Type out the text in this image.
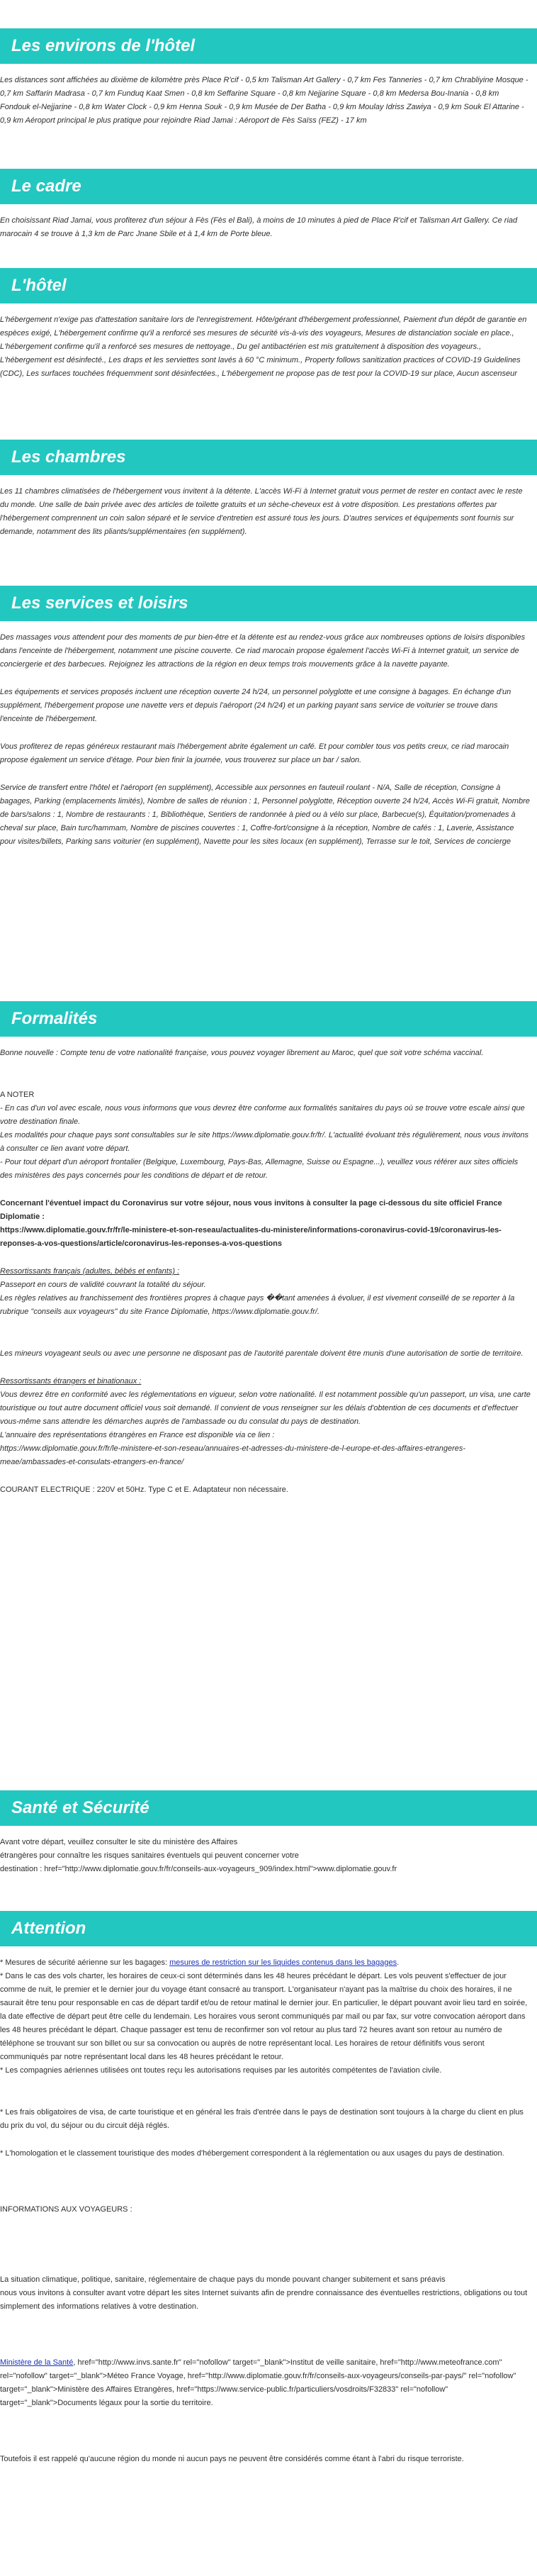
Les environs de l'hôtel

Les distances sont affichées au dixième de kilomètre près Place R'cif - 0,5 km Talisman Art Gallery - 0,7 km Fes Tanneries - 0,7 km Chrabliyine Mosque - 0,7 km Saffarin Madrasa - 0,7 km Funduq Kaat Smen - 0,8 km Seffarine Square - 0,8 km Nejjarine Square - 0,8 km Medersa Bou-Inania - 0,8 km Fondouk el-Nejjarine - 0,8 km Water Clock - 0,9 km Henna Souk - 0,9 km Musée de Der Batha - 0,9 km Moulay Idriss Zawiya - 0,9 km Souk El Attarine - 0,9 km Aéroport principal le plus pratique pour rejoindre Riad Jamai : Aéroport de Fès Saïss (FEZ) - 17 km

Le cadre

En choisissant Riad Jamai, vous profiterez d'un séjour à Fès (Fès el Bali), à moins de 10 minutes à pied de Place R'cif et Talisman Art Gallery. Ce riad marocain 4 se trouve à 1,3 km de Parc Jnane Sbile et à 1,4 km de Porte bleue.

L'hôtel

L'hébergement n'exige pas d'attestation sanitaire lors de l'enregistrement. Hôte/gérant d'hébergement professionnel, Paiement d'un dépôt de garantie en espèces exigé, L'hébergement confirme qu'il a renforcé ses mesures de sécurité vis-à-vis des voyageurs, Mesures de distanciation sociale en place., L'hébergement confirme qu'il a renforcé ses mesures de nettoyage., Du gel antibactérien est mis gratuitement à disposition des voyageurs., L'hébergement est désinfecté., Les draps et les serviettes sont lavés à 60 °C minimum., Property follows sanitization practices of COVID-19 Guidelines (CDC), Les surfaces touchées fréquemment sont désinfectées., L'hébergement ne propose pas de test pour la COVID-19 sur place, Aucun ascenseur

Les chambres

Les 11 chambres climatisées de l'hébergement vous invitent à la détente. L'accès Wi-Fi à Internet gratuit vous permet de rester en contact avec le reste du monde. Une salle de bain privée avec des articles de toilette gratuits et un sèche-cheveux est à votre disposition. Les prestations offertes par l'hébergement comprennent un coin salon séparé et le service d'entretien est assuré tous les jours. D'autres services et équipements sont fournis sur demande, notamment des lits pliants/supplémentaires (en supplément).

Les services et loisirs

Des massages vous attendent pour des moments de pur bien-être et la détente est au rendez-vous grâce aux nombreuses options de loisirs disponibles dans l'enceinte de l'hébergement, notamment une piscine couverte. Ce riad marocain propose également l'accès Wi-Fi à Internet gratuit, un service de conciergerie et des barbecues. Rejoignez les attractions de la région en deux temps trois mouvements grâce à la navette payante.

Les équipements et services proposés incluent une réception ouverte 24 h/24, un personnel polyglotte et une consigne à bagages. En échange d'un supplément, l'hébergement propose une navette vers et depuis l'aéroport (24 h/24) et un parking payant sans service de voiturier se trouve dans l'enceinte de l'hébergement.

Vous profiterez de repas généreux restaurant mais l'hébergement abrite également un café. Et pour combler tous vos petits creux, ce riad marocain propose également un service d'étage. Pour bien finir la journée, vous trouverez sur place un bar / salon.

Service de transfert entre l'hôtel et l'aéroport (en supplément), Accessible aux personnes en fauteuil roulant - N/A, Salle de réception, Consigne à bagages, Parking (emplacements limités), Nombre de salles de réunion : 1, Personnel polyglotte, Réception ouverte 24 h/24, Accès Wi-Fi gratuit, Nombre de bars/salons : 1, Nombre de restaurants : 1, Bibliothèque, Sentiers de randonnée à pied ou à vélo sur place, Barbecue(s), Équitation/promenades à cheval sur place, Bain turc/hammam, Nombre de piscines couvertes : 1, Coffre-fort/consigne à la réception, Nombre de cafés : 1, Laverie, Assistance pour visites/billets, Parking sans voiturier (en supplément), Navette pour les sites locaux (en supplément), Terrasse sur le toit, Services de concierge

Formalités

Bonne nouvelle : Compte tenu de votre nationalité française, vous pouvez voyager librement au Maroc, quel que soit votre schéma vaccinal.

A NOTER

- En cas d'un vol avec escale, nous vous informons que vous devrez être conforme aux formalités sanitaires du pays où se trouve votre escale ainsi que votre destination finale.

Les modalités pour chaque pays sont consultables sur le site https://www.diplomatie.gouv.fr/fr/. L'actualité évoluant très régulièrement, nous vous invitons à consulter ce lien avant votre départ.

- Pour tout départ d'un aéroport frontalier (Belgique, Luxembourg, Pays-Bas, Allemagne, Suisse ou Espagne...), veuillez vous référer aux sites officiels des ministères des pays concernés pour les conditions de départ et de retour.

Concernant l'éventuel impact du Coronavirus sur votre séjour, nous vous invitons à consulter la page ci-dessous du site officiel France Diplomatie :

https://www.diplomatie.gouv.fr/fr/le-ministere-et-son-reseau/actualites-du-ministere/informations-coronavirus-covid-19/coronavirus-les-reponses-a-vos-questions/article/coronavirus-les-reponses-a-vos-questions

Ressortissants français (adultes, bébés et enfants) :

Passeport en cours de validité couvrant la totalité du séjour.

Les règles relatives au franchissement des frontières propres à chaque pays ��tant amenées à évoluer, il est vivement conseillé de se reporter à la rubrique "conseils aux voyageurs" du site France Diplomatie, https://www.diplomatie.gouv.fr/.

Les mineurs voyageant seuls ou avec une personne ne disposant pas de l'autorité parentale doivent être munis d'une autorisation de sortie de territoire.

Ressortissants étrangers et binationaux :

Vous devrez être en conformité avec les réglementations en vigueur, selon votre nationalité. Il est notamment possible qu'un passeport, un visa, une carte touristique ou tout autre document officiel vous soit demandé. Il convient de vous renseigner sur les délais d'obtention de ces documents et d'effectuer vous-même sans attendre les démarches auprès de l'ambassade ou du consulat du pays de destination.

L'annuaire des représentations étrangères en France est disponible via ce lien :

https://www.diplomatie.gouv.fr/fr/le-ministere-et-son-reseau/annuaires-et-adresses-du-ministere-de-l-europe-et-des-affaires-etrangeres-meae/ambassades-et-consulats-etrangers-en-france/

COURANT ELECTRIQUE : 220V et 50Hz. Type C et E. Adaptateur non nécessaire.

Santé et Sécurité

Avant votre départ, veuillez consulter le site du ministère des Affaires
étrangères pour connaître les risques sanitaires éventuels qui peuvent concerner votre
destination : href="http://www.diplomatie.gouv.fr/fr/conseils-aux-voyageurs_909/index.html">www.diplomatie.gouv.fr

Attention

* Mesures de sécurité aérienne sur les bagages: mesures de restriction sur les liquides contenus dans les bagages.

* Dans le cas des vols charter, les horaires de ceux-ci sont déterminés dans les 48 heures précédant le départ. Les vols peuvent s'effectuer de jour comme de nuit, le premier et le dernier jour du voyage étant consacré au transport. L'organisateur n'ayant pas la maîtrise du choix des horaires, il ne saurait être tenu pour responsable en cas de départ tardif et/ou de retour matinal le dernier jour. En particulier, le départ pouvant avoir lieu tard en soirée, la date effective de départ peut être celle du lendemain. Les horaires vous seront communiqués par mail ou par fax, sur votre convocation aéroport dans les 48 heures précédant le départ. Chaque passager est tenu de reconfirmer son vol retour au plus tard 72 heures avant son retour au numéro de téléphone se trouvant sur son billet ou sur sa convocation ou auprès de notre représentant local. Les horaires de retour définitifs vous seront communiqués par notre représentant local dans les 48 heures précédant le retour.

* Les compagnies aériennes utilisées ont toutes reçu les autorisations requises par les autorités compétentes de l'aviation civile.

* Les frais obligatoires de visa, de carte touristique et en général les frais d'entrée dans le pays de destination sont toujours à la charge du client en plus du prix du vol, du séjour ou du circuit déjà réglés.

* L'homologation et le classement touristique des modes d'hébergement correspondent à la réglementation ou aux usages du pays de destination.

INFORMATIONS AUX VOYAGEURS :

La situation climatique, politique, sanitaire, réglementaire de chaque pays du monde pouvant changer subitement et sans préavis
nous vous invitons à consulter avant votre départ les sites Internet suivants afin de prendre connaissance des éventuelles restrictions, obligations ou tout simplement des informations relatives à votre destination.

Ministère de la Santé, href="http://www.invs.sante.fr" rel="nofollow" target="_blank">Institut de veille sanitaire, href="http://www.meteofrance.com" rel="nofollow" target="_blank">Méteo France Voyage, href="http://www.diplomatie.gouv.fr/fr/conseils-aux-voyageurs/conseils-par-pays/" rel="nofollow" target="_blank">Ministère des Affaires Etrangères, href="https://www.service-public.fr/particuliers/vosdroits/F32833" rel="nofollow" target="_blank">Documents légaux pour la sortie du territoire.

Toutefois il est rappelé qu'aucune région du monde ni aucun pays ne peuvent être considérés comme étant à l'abri du risque terroriste.
